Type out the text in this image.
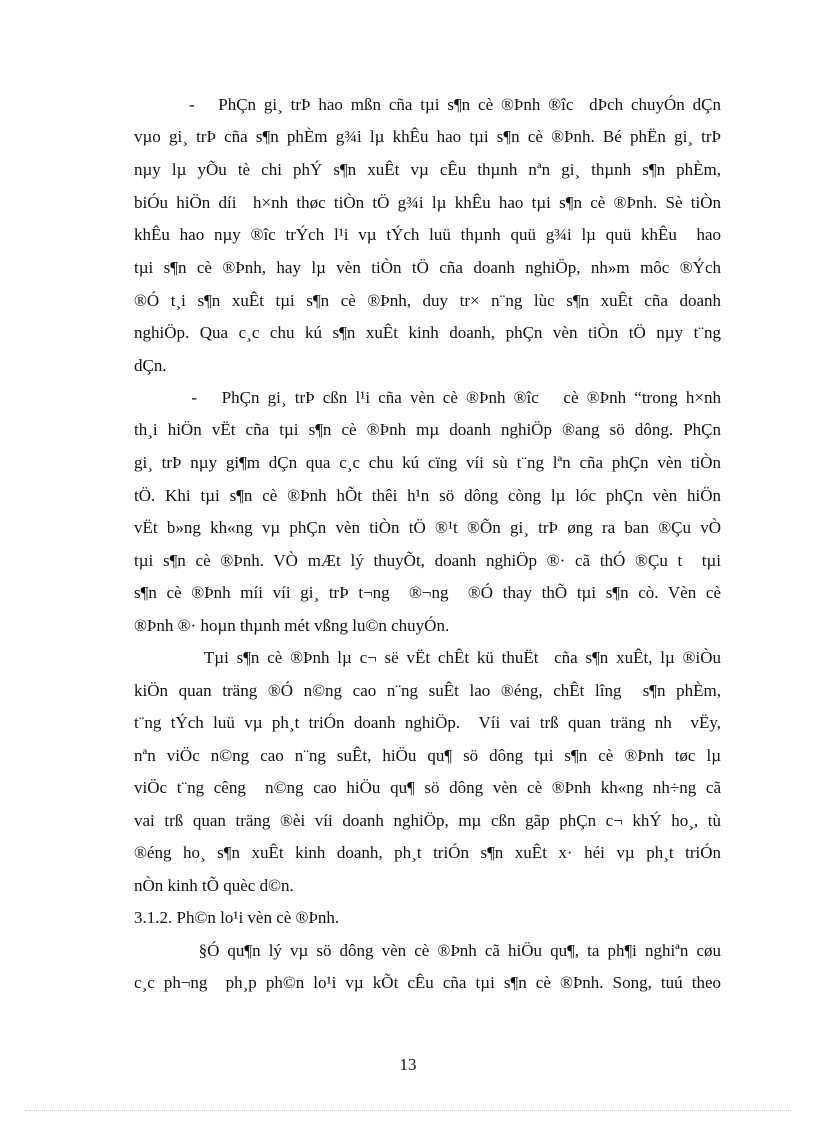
-   PhÇn gi¸ trÞ hao mßn cña tµi s¶n cè ®Þnh ®îc  dÞch chuyÓn dÇn
vµo gi¸ trÞ cña s¶n phÈm g¾i lµ khÊu hao tµi s¶n cè ®Þnh. Bé phËn gi¸ trÞ
nµy lµ yÕu tè chi phÝ s¶n xuÊt vµ cÊu thµnh nªn gi¸ thµnh s¶n phÈm,
biÓu hiÖn díi  h×nh thøc tiÒn tÖ g¾i lµ khÊu hao tµi s¶n cè ®Þnh. Sè tiÒn
khÊu hao nµy ®îc trÝch l¹i vµ tÝch luü thµnh quü g¾i lµ quü khÊu  hao
tµi s¶n cè ®Þnh, hay lµ vèn tiÒn tÖ cña doanh nghiÖp, nh»m môc ®Ých
®Ó t¸i s¶n xuÊt tµi s¶n cè ®Þnh, duy tr× n¨ng lùc s¶n xuÊt cña doanh
nghiÖp. Qua c¸c chu kú s¶n xuÊt kinh doanh, phÇn vèn tiÒn tÖ nµy t¨ng
dÇn.
-   PhÇn gi¸ trÞ cßn l¹i cña vèn cè ®Þnh ®îc   cè ®Þnh “trong h×nh
th¸i hiÖn vËt cña tµi s¶n cè ®Þnh mµ doanh nghiÖp ®ang sö dông. PhÇn
gi¸ trÞ nµy gi¶m dÇn qua c¸c chu kú cïng víi sù t¨ng lªn cña phÇn vèn tiÒn
tÖ. Khi tµi s¶n cè ®Þnh hÕt thêi h¹n sö dông còng lµ lóc phÇn vèn hiÖn
vËt b»ng kh«ng vµ phÇn vèn tiÒn tÖ ®¹t ®Õn gi¸ trÞ øng ra ban ®Çu vÒ
tµi s¶n cè ®Þnh. VÒ mÆt lý thuyÕt, doanh nghiÖp ®· cã thÓ ®Çu t  tµi
s¶n cè ®Þnh míi víi gi¸ trÞ t¬ng  ®¬ng  ®Ó thay thÕ tµi s¶n cò. Vèn cè
®Þnh ®· hoµn thµnh mét vßng lu©n chuyÓn.
Tµi s¶n cè ®Þnh lµ c¬ së vËt chÊt kü thuËt  cña s¶n xuÊt, lµ ®iÒu
kiÖn quan träng ®Ó n©ng cao n¨ng suÊt lao ®éng, chÊt lîng  s¶n phÈm,
t¨ng tÝch luü vµ ph¸t triÓn doanh nghiÖp.  Víi vai trß quan träng nh  vËy,
nªn viÖc n©ng cao n¨ng suÊt, hiÖu qu¶ sö dông tµi s¶n cè ®Þnh tøc lµ
viÖc t¨ng cêng  n©ng cao hiÖu qu¶ sö dông vèn cè ®Þnh kh«ng nh÷ng cã
vai trß quan träng ®èi víi doanh nghiÖp, mµ cßn gãp phÇn c¬ khÝ ho¸, tù
®éng ho¸ s¶n xuÊt kinh doanh, ph¸t triÓn s¶n xuÊt x· héi vµ ph¸t triÓn
nÒn kinh tÕ quèc d©n.
3.1.2. Ph©n lo¹i vèn cè ®Þnh.
§Ó qu¶n lý vµ sö dông vèn cè ®Þnh cã hiÖu qu¶, ta ph¶i nghiªn cøu
c¸c ph¬ng  ph¸p ph©n lo¹i vµ kÕt cÊu cña tµi s¶n cè ®Þnh. Song, tuú theo
13
